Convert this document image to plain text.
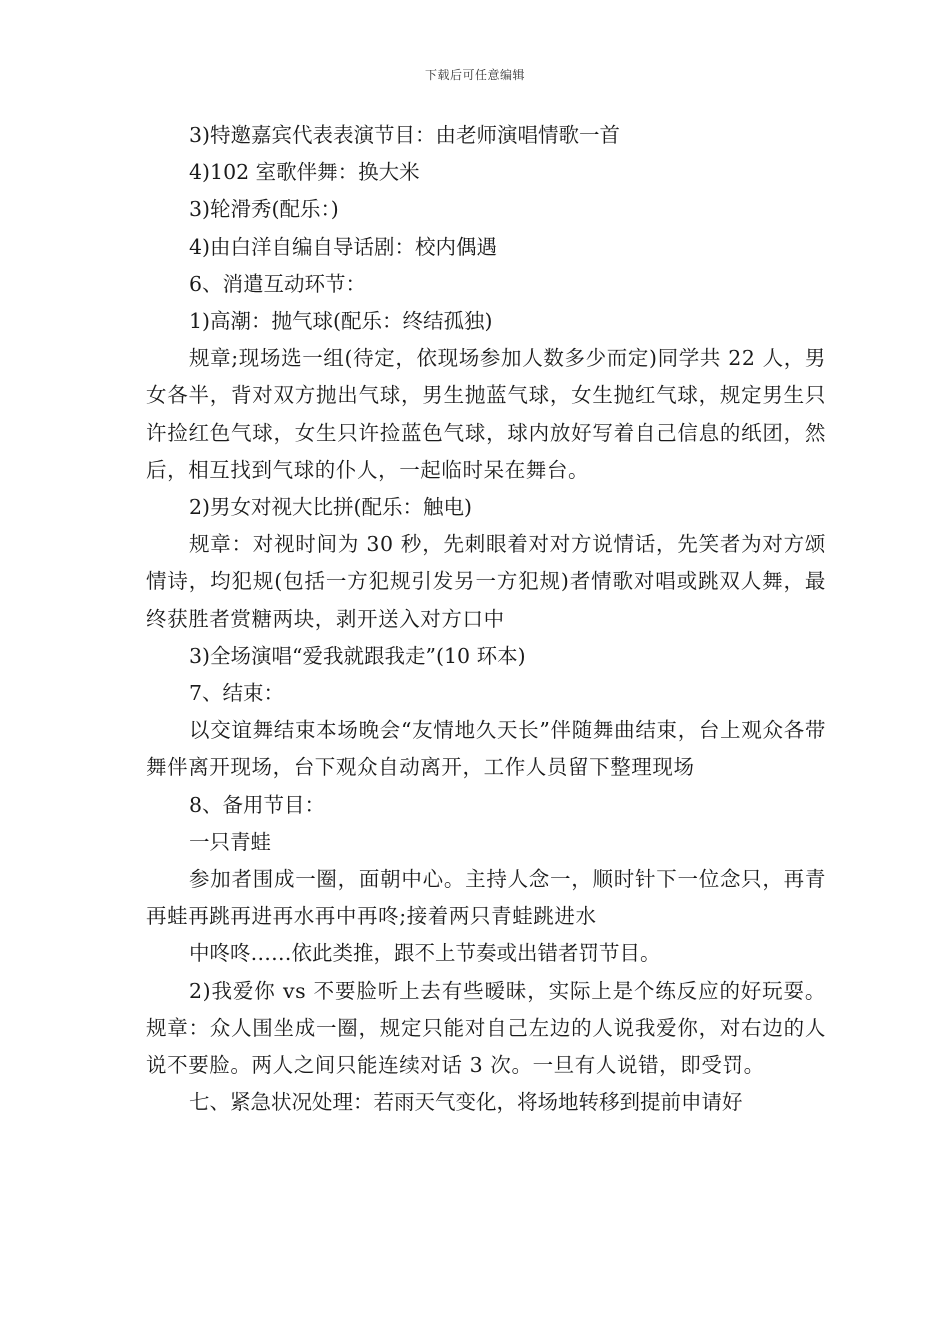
下载后可任意编辑

3)特邀嘉宾代表表演节目：由老师演唱情歌一首

4)102 室歌伴舞：换大米

3)轮滑秀(配乐：)

4)由白洋自编自导话剧：校内偶遇

6、消遣互动环节：

1)高潮：抛气球(配乐：终结孤独)

规章;现场选一组(待定，依现场参加人数多少而定)同学共 22 人，男女各半，背对双方抛出气球，男生抛蓝气球，女生抛红气球，规定男生只许捡红色气球，女生只许捡蓝色气球，球内放好写着自己信息的纸团，然后，相互找到气球的仆人，一起临时呆在舞台。

2)男女对视大比拼(配乐：触电)

规章：对视时间为 30 秒，先刺眼着对对方说情话，先笑者为对方颂情诗，均犯规(包括一方犯规引发另一方犯规)者情歌对唱或跳双人舞，最终获胜者赏糖两块，剥开送入对方口中

3)全场演唱“爱我就跟我走”(10 环本)

7、结束：

以交谊舞结束本场晚会“友情地久天长”伴随舞曲结束，台上观众各带舞伴离开现场，台下观众自动离开，工作人员留下整理现场

8、备用节目：

一只青蛙

参加者围成一圈，面朝中心。主持人念一，顺时针下一位念只，再青再蛙再跳再进再水再中再咚;接着两只青蛙跳进水

中咚咚……依此类推，跟不上节奏或出错者罚节目。

2)我爱你 vs 不要脸听上去有些暧昧，实际上是个练反应的好玩耍。规章：众人围坐成一圈，规定只能对自己左边的人说我爱你，对右边的人说不要脸。两人之间只能连续对话 3 次。一旦有人说错，即受罚。

七、紧急状况处理：若雨天气变化，将场地转移到提前申请好
